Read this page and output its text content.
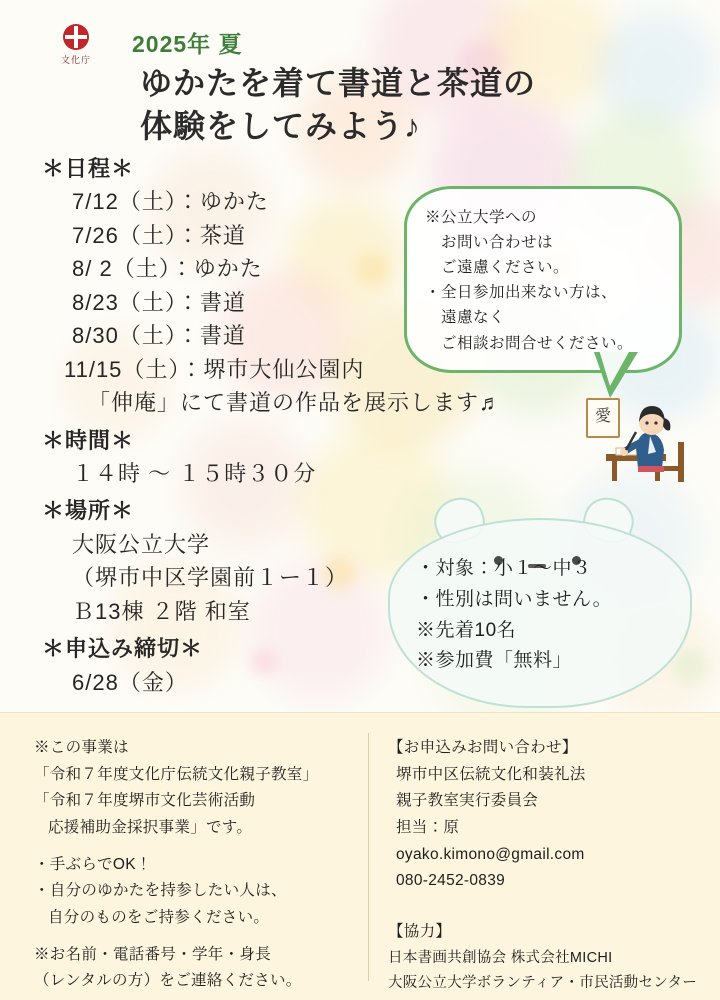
文化庁
2025年 夏
ゆかたを着て書道と茶道の
体験をしてみよう♪
＊日程＊
7/12（土）：ゆかた
7/26（土）：茶道
8/ 2（土）：ゆかた
8/23（土）：書道
8/30（土）：書道
11/15（土）：堺市大仙公園内
「伸庵」にて書道の作品を展示します♬
＊時間＊
１４時 〜 １５時３０分
＊場所＊
大阪公立大学
（堺市中区学園前１ー１）
Ｂ13棟 ２階 和室
＊申込み締切＊
6/28（金）
※公立大学への
お問い合わせは
ご遠慮ください。
・全日参加出来ない方は、
遠慮なく
ご相談お問合せください。
愛
・対象：小１〜中３
・性別は問いません。
※先着10名
※参加費「無料」
※この事業は
「令和７年度文化庁伝統文化親子教室」
「令和７年度堺市文化芸術活動
応援補助金採択事業」です。
・手ぶらでOK！
・自分のゆかたを持参したい人は、
自分のものをご持参ください。
※お名前・電話番号・学年・身長
（レンタルの方）をご連絡ください。
【お申込みお問い合わせ】
堺市中区伝統文化和装礼法
親子教室実行委員会
担当：原
oyako.kimono@gmail.com
080-2452-0839
【協力】
日本書画共創協会 株式会社MICHI
大阪公立大学ボランティア・市民活動センター
